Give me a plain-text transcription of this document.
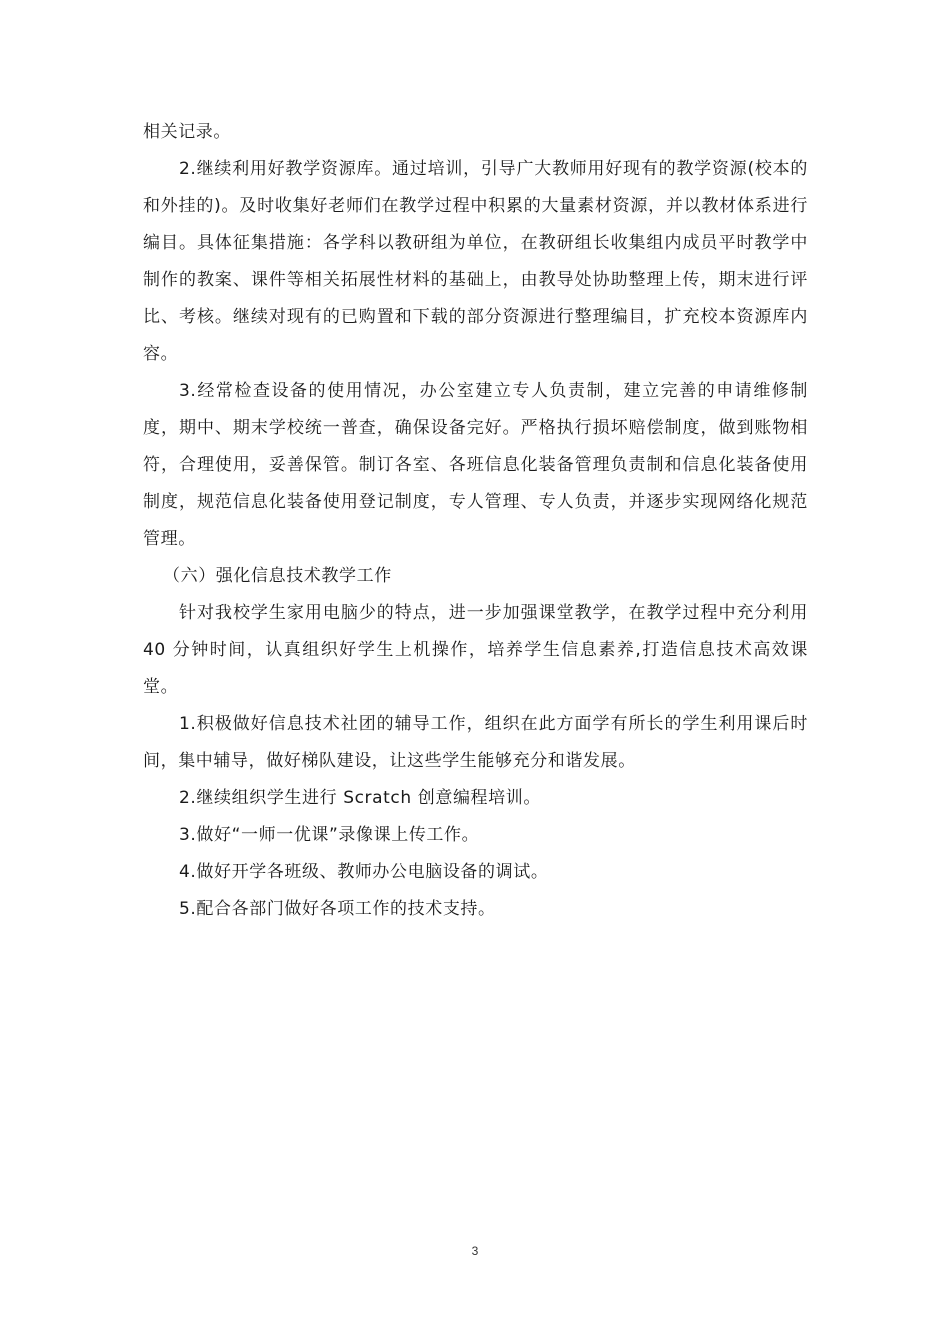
相关记录。

2.继续利用好教学资源库。通过培训，引导广大教师用好现有的教学资源(校本的和外挂的)。及时收集好老师们在教学过程中积累的大量素材资源，并以教材体系进行编目。具体征集措施：各学科以教研组为单位，在教研组长收集组内成员平时教学中制作的教案、课件等相关拓展性材料的基础上，由教导处协助整理上传，期末进行评比、考核。继续对现有的已购置和下载的部分资源进行整理编目，扩充校本资源库内容。

3.经常检查设备的使用情况，办公室建立专人负责制，建立完善的申请维修制度，期中、期末学校统一普查，确保设备完好。严格执行损坏赔偿制度，做到账物相符，合理使用，妥善保管。制订各室、各班信息化装备管理负责制和信息化装备使用制度，规范信息化装备使用登记制度，专人管理、专人负责，并逐步实现网络化规范管理。

（六）强化信息技术教学工作

针对我校学生家用电脑少的特点，进一步加强课堂教学，在教学过程中充分利用 40 分钟时间，认真组织好学生上机操作，培养学生信息素养,打造信息技术高效课堂。

1.积极做好信息技术社团的辅导工作，组织在此方面学有所长的学生利用课后时间，集中辅导，做好梯队建设，让这些学生能够充分和谐发展。

2.继续组织学生进行 Scratch 创意编程培训。

3.做好“一师一优课”录像课上传工作。

4.做好开学各班级、教师办公电脑设备的调试。

5.配合各部门做好各项工作的技术支持。

3
